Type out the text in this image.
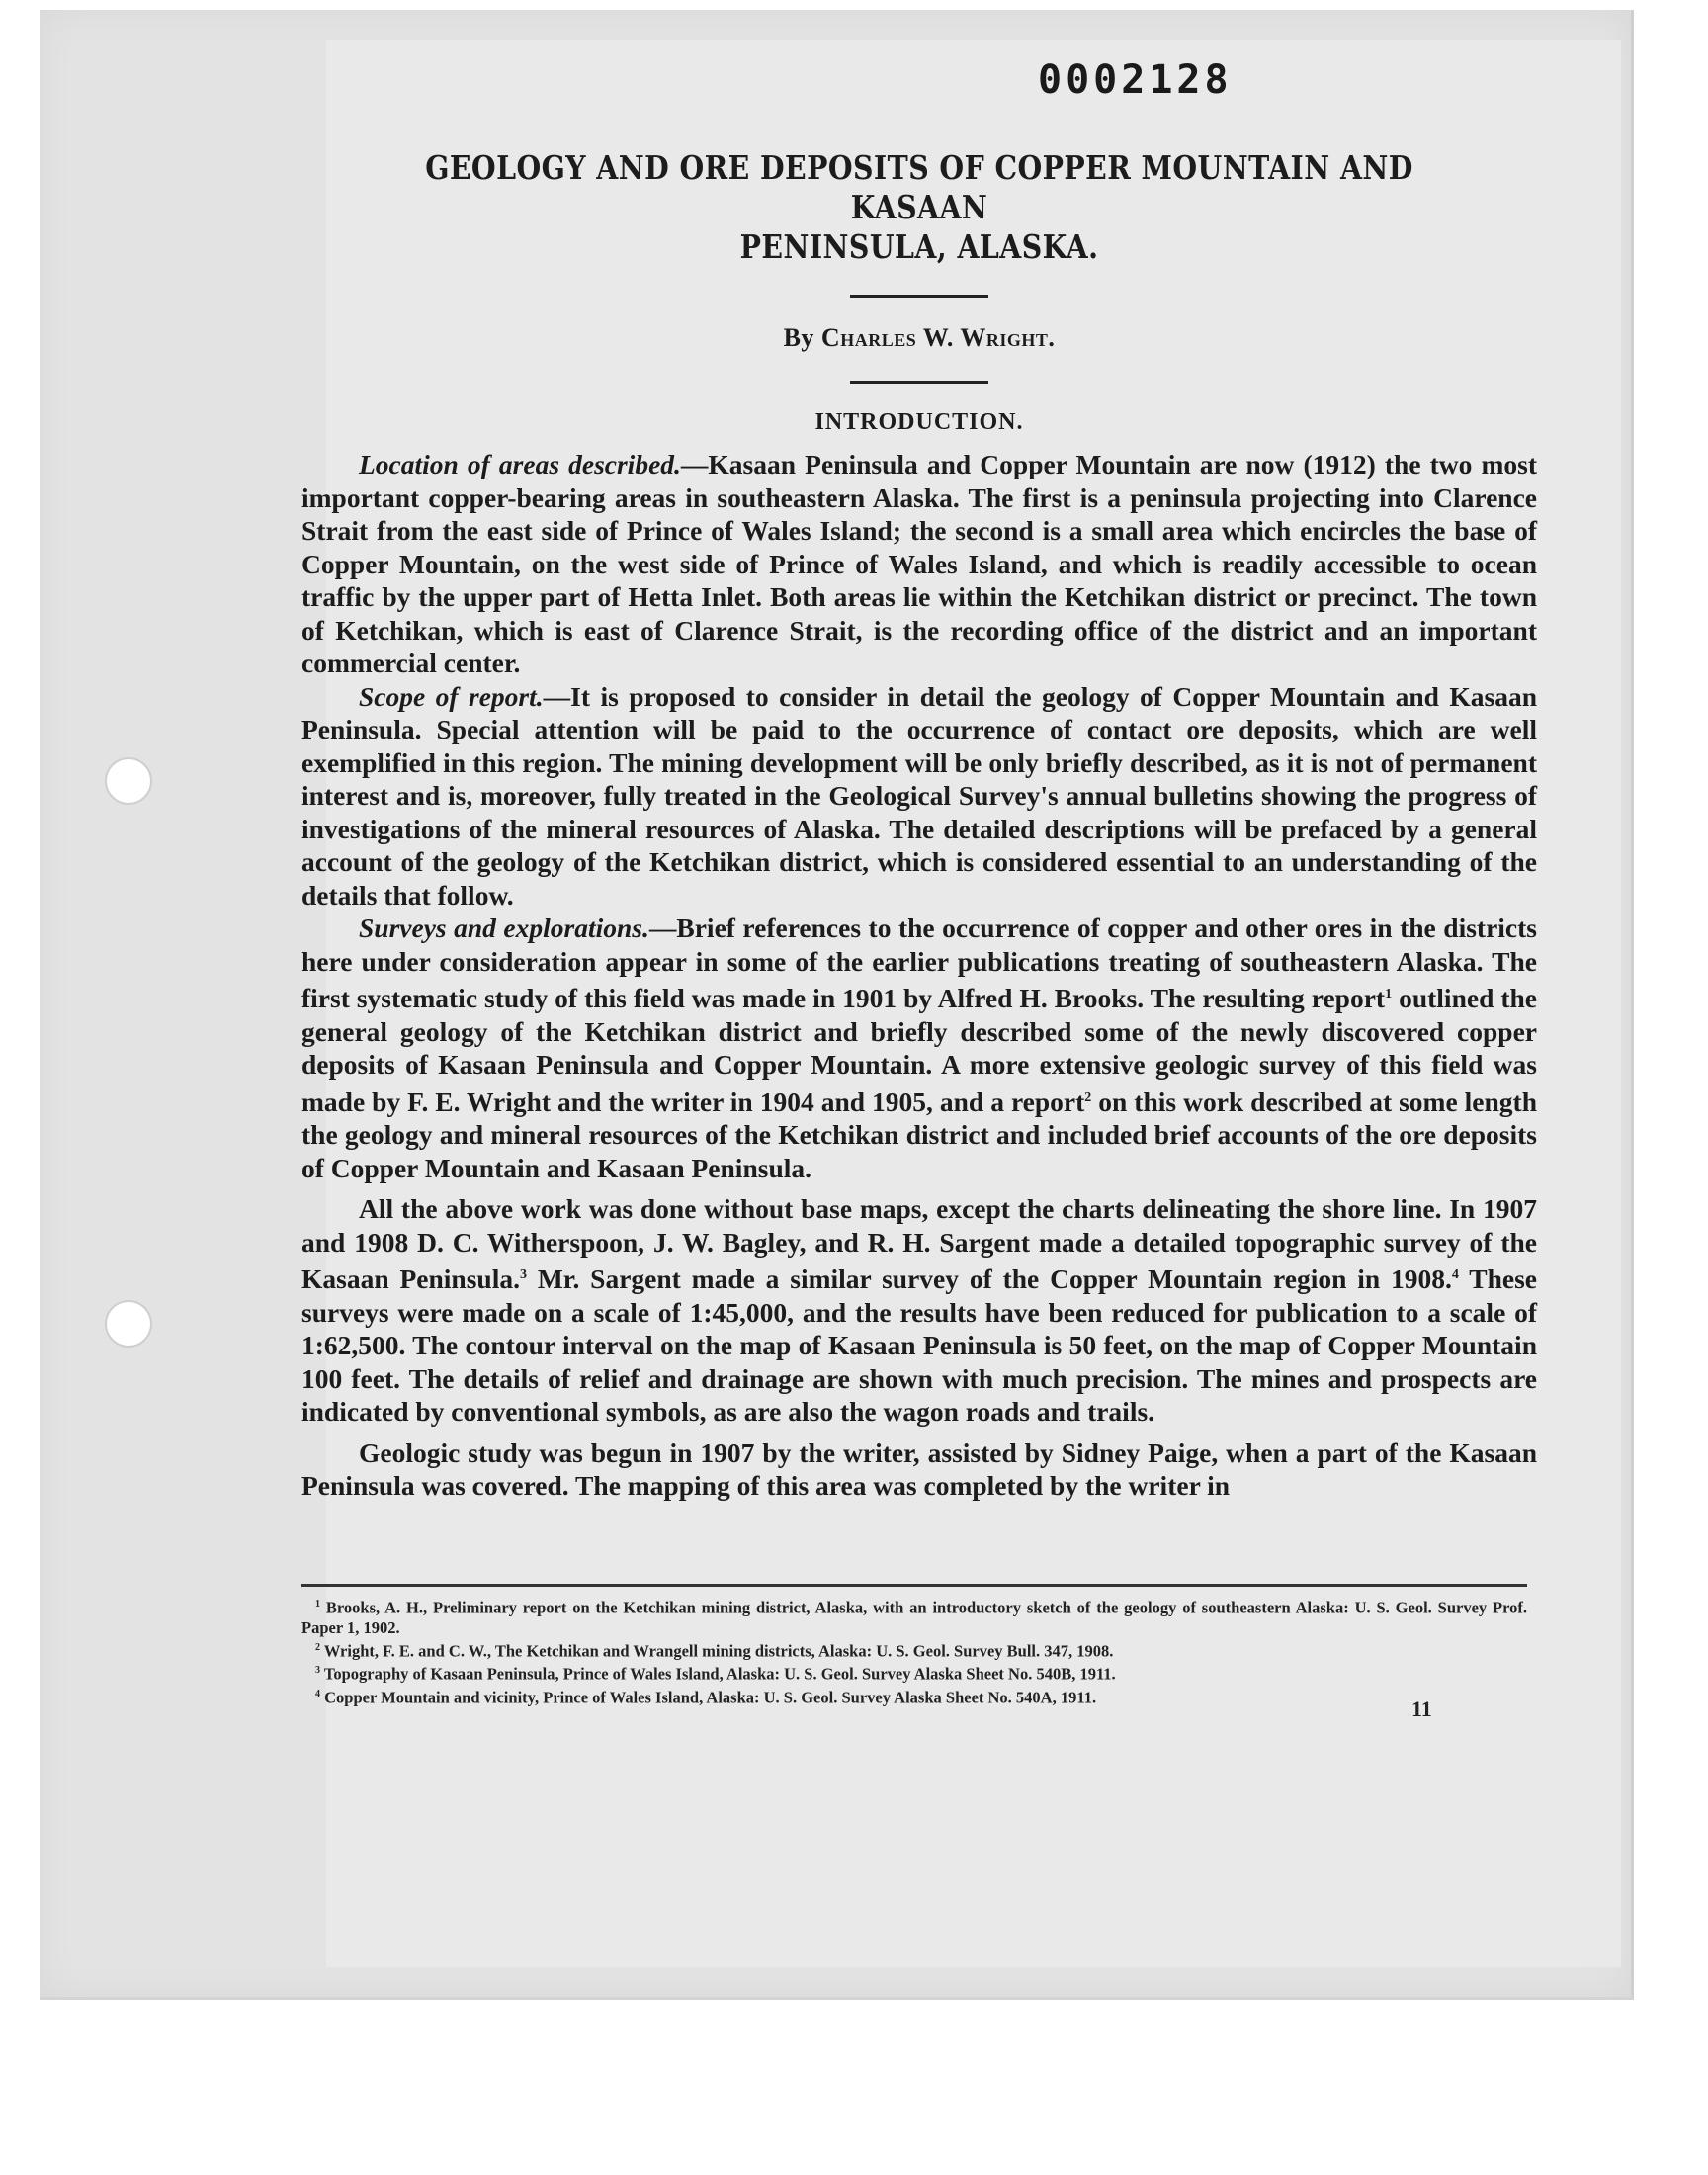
0002128
GEOLOGY AND ORE DEPOSITS OF COPPER MOUNTAIN AND KASAAN
PENINSULA, ALASKA.

By Charles W. Wright.

INTRODUCTION.

Location of areas described.—Kasaan Peninsula and Copper Mountain are now (1912) the two most important copper-bearing areas in southeastern Alaska. The first is a peninsula projecting into Clarence Strait from the east side of Prince of Wales Island; the second is a small area which encircles the base of Copper Mountain, on the west side of Prince of Wales Island, and which is readily accessible to ocean traffic by the upper part of Hetta Inlet. Both areas lie within the Ketchikan district or precinct. The town of Ketchikan, which is east of Clarence Strait, is the recording office of the district and an important commercial center.

Scope of report.—It is proposed to consider in detail the geology of Copper Mountain and Kasaan Peninsula. Special attention will be paid to the occurrence of contact ore deposits, which are well exemplified in this region. The mining development will be only briefly described, as it is not of permanent interest and is, moreover, fully treated in the Geological Survey's annual bulletins showing the progress of investigations of the mineral resources of Alaska. The detailed descriptions will be prefaced by a general account of the geology of the Ketchikan district, which is considered essential to an understanding of the details that follow.

Surveys and explorations.—Brief references to the occurrence of copper and other ores in the districts here under consideration appear in some of the earlier publications treating of southeastern Alaska. The first systematic study of this field was made in 1901 by Alfred H. Brooks. The resulting report$^1$ outlined the general geology of the Ketchikan district and briefly described some of the newly discovered copper deposits of Kasaan Peninsula and Copper Mountain. A more extensive geologic survey of this field was made by F. E. Wright and the writer in 1904 and 1905, and a report$^2$ on this work described at some length the geology and mineral resources of the Ketchikan district and included brief accounts of the ore deposits of Copper Mountain and Kasaan Peninsula.

All the above work was done without base maps, except the charts delineating the shore line. In 1907 and 1908 D. C. Witherspoon, J. W. Bagley, and R. H. Sargent made a detailed topographic survey of the Kasaan Peninsula.$^3$ Mr. Sargent made a similar survey of the Copper Mountain region in 1908.$^4$ These surveys were made on a scale of 1:45,000, and the results have been reduced for publication to a scale of 1:62,500. The contour interval on the map of Kasaan Peninsula is 50 feet, on the map of Copper Mountain 100 feet. The details of relief and drainage are shown with much precision. The mines and prospects are indicated by conventional symbols, as are also the wagon roads and trails.

Geologic study was begun in 1907 by the writer, assisted by Sidney Paige, when a part of the Kasaan Peninsula was covered. The mapping of this area was completed by the writer in

$^1$ Brooks, A. H., Preliminary report on the Ketchikan mining district, Alaska, with an introductory sketch of the geology of southeastern Alaska: U. S. Geol. Survey Prof. Paper 1, 1902.

$^2$ Wright, F. E. and C. W., The Ketchikan and Wrangell mining districts, Alaska: U. S. Geol. Survey Bull. 347, 1908.

$^3$ Topography of Kasaan Peninsula, Prince of Wales Island, Alaska: U. S. Geol. Survey Alaska Sheet No. 540B, 1911.

$^4$ Copper Mountain and vicinity, Prince of Wales Island, Alaska: U. S. Geol. Survey Alaska Sheet No. 540A, 1911.	11
